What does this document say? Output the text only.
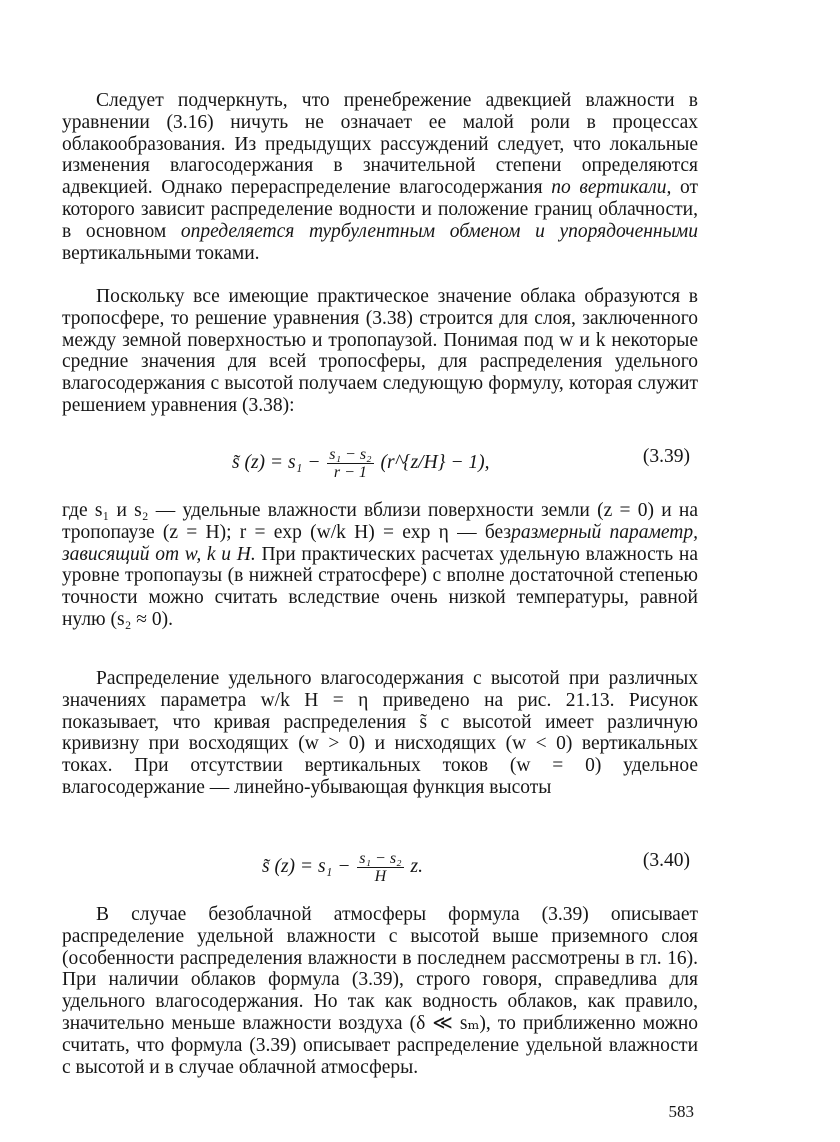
Следует подчеркнуть, что пренебрежение адвекцией влажности в уравнении (3.16) ничуть не означает ее малой роли в процессах облакообразования. Из предыдущих рассуждений следует, что локальные изменения влагосодержания в значительной степени определяются адвекцией. Однако перераспределение влагосодержания по вертикали, от которого зависит распределение водности и положение границ облачности, в основном определяется турбулентным обменом и упорядоченными вертикальными токами.

Поскольку все имеющие практическое значение облака образуются в тропосфере, то решение уравнения (3.38) строится для слоя, заключенного между земной поверхностью и тропопаузой. Понимая под w и k некоторые средние значения для всей тропосферы, для распределения удельного влагосодержания с высотой получаем следующую формулу, которая служит решением уравнения (3.38):

s̃ $(z) = s_1 - \frac{\text{s₁ − s₂}}{r - 1}$ (r^{z/H} − 1),	(3.39)

где s₁ и s₂ — удельные влажности вблизи поверхности земли (z = 0) и на тропопаузе (z = H); r = exp (w/k H) = exp η — безразмерный параметр, зависящий от w, k и H. При практических расчетах удельную влажность на уровне тропопаузы (в нижней стратосфере) с вполне достаточной степенью точности можно считать вследствие очень низкой температуры, равной нулю (s₂ ≈ 0).

Распределение удельного влагосодержания с высотой при различных значениях параметра w/k H = η приведено на рис. 21.13. Рисунок показывает, что кривая распределения s̃ с высотой имеет различную кривизну при восходящих (w > 0) и нисходящих (w < 0) вертикальных токах. При отсутствии вертикальных токов (w = 0) удельное влагосодержание — линейно-убывающая функция высоты

s̃ $(z) = s_1 - \frac{\text{s₁ − s₂}}{H} z$.	(3.40)

В случае безоблачной атмосферы формула (3.39) описывает распределение удельной влажности с высотой выше приземного слоя (особенности распределения влажности в последнем рассмотрены в гл. 16). При наличии облаков формула (3.39), строго говоря, справедлива для удельного влагосодержания. Но так как водность облаков, как правило, значительно меньше влажности воздуха (δ ≪ sₘ), то приближенно можно считать, что формула (3.39) описывает распределение удельной влажности с высотой и в случае облачной атмосферы.

583
